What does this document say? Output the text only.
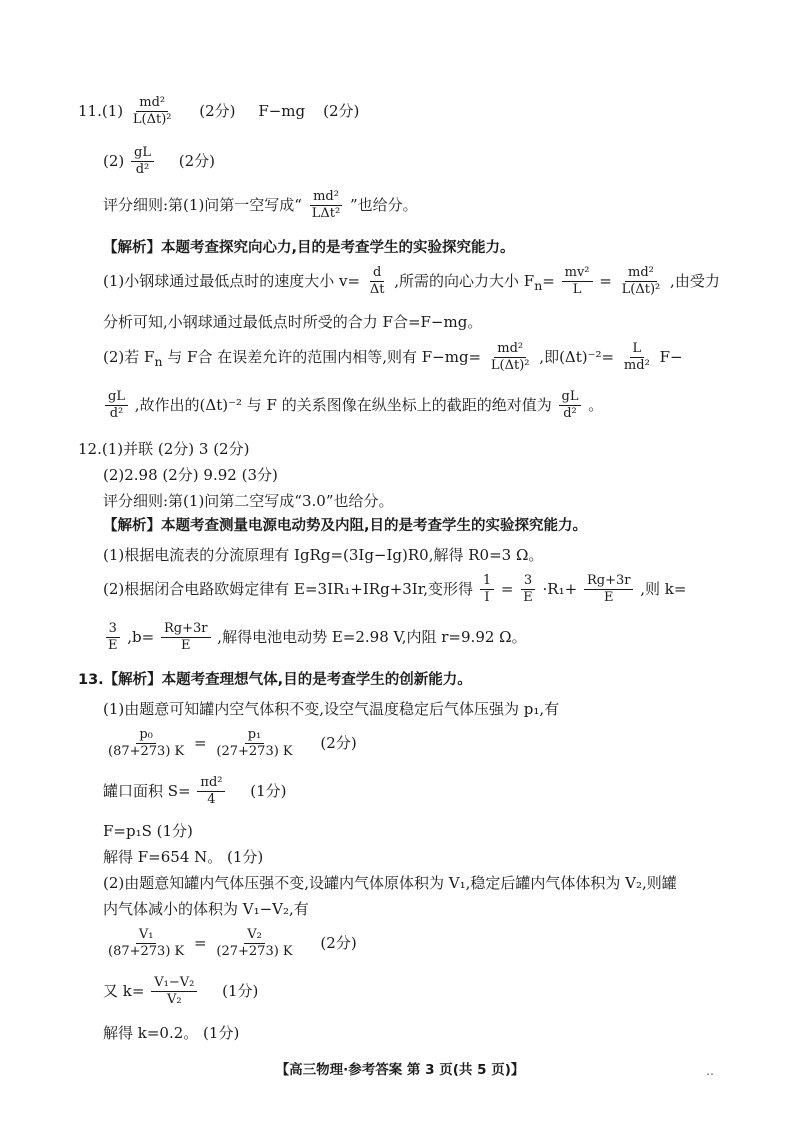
$11.(1) \frac{\text{md²}}{\text{L(Δt)²}} (2$分) F−mg (2分)
$(2) \frac{gL}{\text{d²}} (2$分)
评分细则:第(1)问第一空写成“ $\frac{\text{md²}}{\text{LΔt²}}$ ”也给分。
【解析】本题考查探究向心力,目的是考查学生的实验探究能力。
(1)小钢球通过最低点时的速度大小 $v= \frac{d}{\Delta t}$ ,所需的向心力大小 $F_n= \frac{\text{mv²}}{L} = \frac{\text{md²}}{\text{L(Δt)²}}$ ,由受力
分析可知,小钢球通过最低点时所受的合力 F合=F−mg。
(2)若 $F_n$ 与 F合 在误差允许的范围内相等,则有 $F-mg= \frac{\text{md²}}{\text{L(Δt)²}}$ ,即$(\Delta t)^{-2}= \frac{L}{\text{md²}} F-$
$\frac{gL}{\text{d²}}$ ,故作出的(Δt)⁻² 与 F 的关系图像在纵坐标上的截距的绝对值为 $\frac{gL}{\text{d²}}$ 。
12.(1)并联 (2分) 3 (2分)
(2)2.98 (2分) 9.92 (3分)
评分细则:第(1)问第二空写成“3.0”也给分。
【解析】本题考查测量电源电动势及内阻,目的是考查学生的实验探究能力。
(1)根据电流表的分流原理有 IgRg=(3Ig−Ig)R0,解得 R0=3 Ω。
(2)根据闭合电路欧姆定律有 E=3IR₁+IRg+3Ir,变形得 $\frac{1}{I} = \frac{3}{E} \cdot R_1+ \frac{Rg+3r}{E}$ ,则 k=
$\frac{3}{E} ,b= \frac{Rg+3r}{E}$ ,解得电池电动势 E=2.98 V,内阻 r=9.92 Ω。
13.【解析】本题考查理想气体,目的是考查学生的创新能力。
(1)由题意可知罐内空气体积不变,设空气温度稳定后气体压强为 p₁,有
$\frac{\text{p₀}}{(87+273) K} = \frac{\text{p₁}}{(27+273) K} (2$分)
罐口面积 $S= \frac{\text{πd²}}{4} (1$分)
F=p₁S (1分)
解得 F=654 N。 (1分)
(2)由题意知罐内气体压强不变,设罐内气体原体积为 V₁,稳定后罐内气体体积为 V₂,则罐
内气体减小的体积为 V₁−V₂,有
$\frac{\text{V₁}}{(87+273) K} = \frac{\text{V₂}}{(27+273) K} (2$分)
又 $k= \frac{\text{V₁−V₂}}{\text{V₂}} (1$分)
解得 k=0.2。 (1分)
【高三物理·参考答案 第 3 页(共 5 页)】	‥
